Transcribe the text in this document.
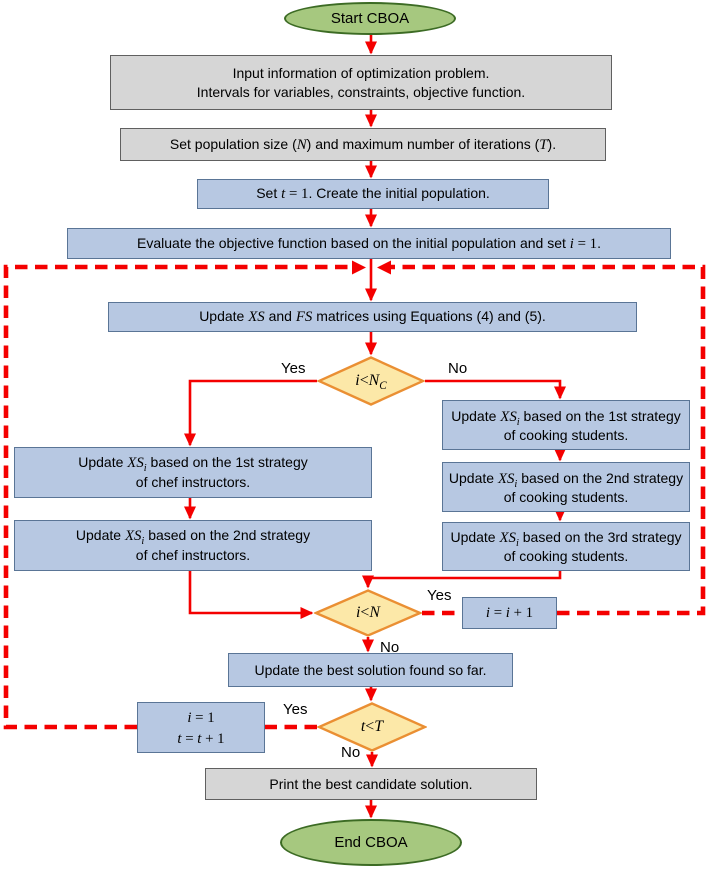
Start CBOA
End CBOA
Input information of optimization problem.
Intervals for variables, constraints, objective function.
Set population size (N) and maximum number of iterations (T).
Print the best candidate solution.
Set t = 1. Create the initial population.
Evaluate the objective function based on the initial population and set i = 1.
Update XS and FS matrices using Equations (4) and (5).
Update $XS_i$ based on the 1st strategy
of chef instructors.
Update $XS_i$ based on the 2nd strategy
of chef instructors.
Update $XS_i$ based on the 1st strategy
of cooking students.
Update $XS_i$ based on the 2nd strategy
of cooking students.
Update $XS_i$ based on the 3rd strategy
of cooking students.
i = i + 1
Update the best solution found so far.
i = 1
t = t + 1
$i < N_C$
i < N
t < T
Yes	No
Yes
No
Yes
No
